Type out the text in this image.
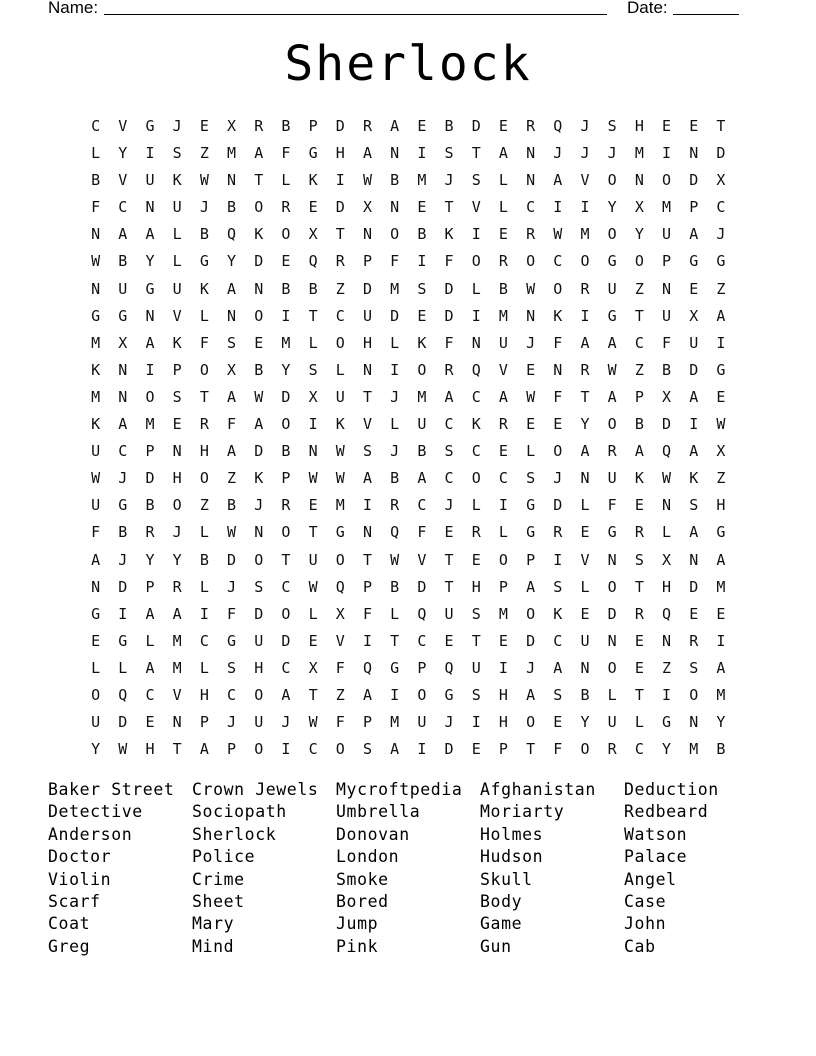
Name:	Date:
Sherlock
C	V	G	J	E	X	R	B	P	D	R	A	E	B	D	E	R	Q	J	S	H	E	E	T
L	Y	I	S	Z	M	A	F	G	H	A	N	I	S	T	A	N	J	J	J	M	I	N	D
B	V	U	K	W	N	T	L	K	I	W	B	M	J	S	L	N	A	V	O	N	O	D	X
F	C	N	U	J	B	O	R	E	D	X	N	E	T	V	L	C	I	I	Y	X	M	P	C
N	A	A	L	B	Q	K	O	X	T	N	O	B	K	I	E	R	W	M	O	Y	U	A	J
W	B	Y	L	G	Y	D	E	Q	R	P	F	I	F	O	R	O	C	O	G	O	P	G	G
N	U	G	U	K	A	N	B	B	Z	D	M	S	D	L	B	W	O	R	U	Z	N	E	Z
G	G	N	V	L	N	O	I	T	C	U	D	E	D	I	M	N	K	I	G	T	U	X	A
M	X	A	K	F	S	E	M	L	O	H	L	K	F	N	U	J	F	A	A	C	F	U	I
K	N	I	P	O	X	B	Y	S	L	N	I	O	R	Q	V	E	N	R	W	Z	B	D	G
M	N	O	S	T	A	W	D	X	U	T	J	M	A	C	A	W	F	T	A	P	X	A	E
K	A	M	E	R	F	A	O	I	K	V	L	U	C	K	R	E	E	Y	O	B	D	I	W
U	C	P	N	H	A	D	B	N	W	S	J	B	S	C	E	L	O	A	R	A	Q	A	X
W	J	D	H	O	Z	K	P	W	W	A	B	A	C	O	C	S	J	N	U	K	W	K	Z
U	G	B	O	Z	B	J	R	E	M	I	R	C	J	L	I	G	D	L	F	E	N	S	H
F	B	R	J	L	W	N	O	T	G	N	Q	F	E	R	L	G	R	E	G	R	L	A	G
A	J	Y	Y	B	D	O	T	U	O	T	W	V	T	E	O	P	I	V	N	S	X	N	A
N	D	P	R	L	J	S	C	W	Q	P	B	D	T	H	P	A	S	L	O	T	H	D	M
G	I	A	A	I	F	D	O	L	X	F	L	Q	U	S	M	O	K	E	D	R	Q	E	E
E	G	L	M	C	G	U	D	E	V	I	T	C	E	T	E	D	C	U	N	E	N	R	I
L	L	A	M	L	S	H	C	X	F	Q	G	P	Q	U	I	J	A	N	O	E	Z	S	A
O	Q	C	V	H	C	O	A	T	Z	A	I	O	G	S	H	A	S	B	L	T	I	O	M
U	D	E	N	P	J	U	J	W	F	P	M	U	J	I	H	O	E	Y	U	L	G	N	Y
Y	W	H	T	A	P	O	I	C	O	S	A	I	D	E	P	T	F	O	R	C	Y	M	B
Baker Street	Crown Jewels	Mycroftpedia	Afghanistan	Deduction
Detective	Sociopath	Umbrella	Moriarty	Redbeard
Anderson	Sherlock	Donovan	Holmes	Watson
Doctor	Police	London	Hudson	Palace
Violin	Crime	Smoke	Skull	Angel
Scarf	Sheet	Bored	Body	Case
Coat	Mary	Jump	Game	John
Greg	Mind	Pink	Gun	Cab
